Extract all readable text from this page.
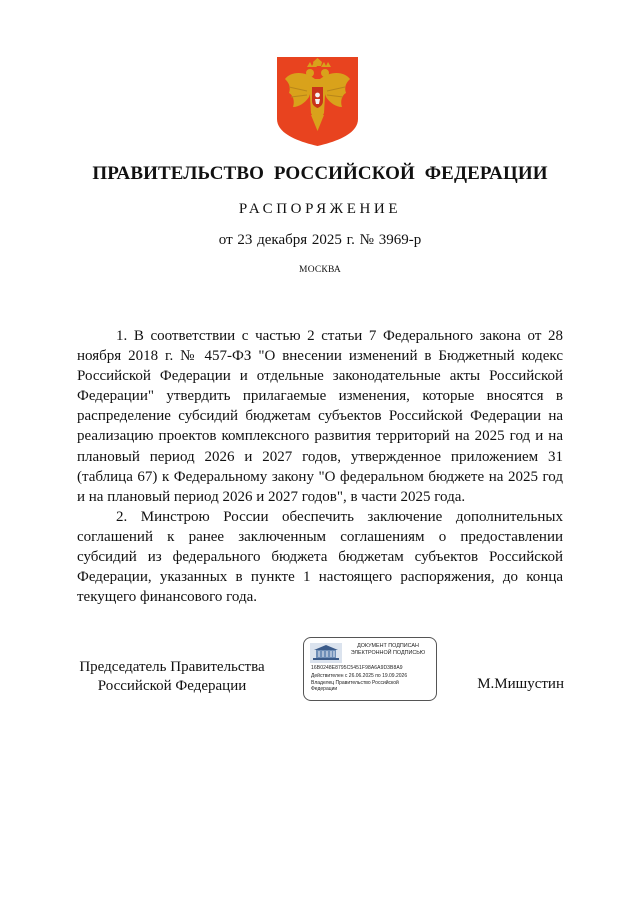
ПРАВИТЕЛЬСТВО РОССИЙСКОЙ ФЕДЕРАЦИИ
РАСПОРЯЖЕНИЕ
от 23 декабря 2025 г. № 3969-р
МОСКВА

1. В соответствии с частью 2 статьи 7 Федерального закона от 28 ноября 2018 г. № 457-ФЗ "О внесении изменений в Бюджетный кодекс Российской Федерации и отдельные законодательные акты Российской Федерации" утвердить прилагаемые изменения, которые вносятся в распределение субсидий бюджетам субъектов Российской Федерации на реализацию проектов комплексного развития территорий на 2025 год и на плановый период 2026 и 2027 годов, утвержденное приложением 31 (таблица 67) к Федеральному закону "О федеральном бюджете на 2025 год и на плановый период 2026 и 2027 годов", в части 2025 года.

2. Минстрою России обеспечить заключение дополнительных соглашений к ранее заключенным соглашениям о предоставлении субсидий из федерального бюджета бюджетам субъектов Российской Федерации, указанных в пункте 1 настоящего распоряжения, до конца текущего финансового года.

Председатель Правительства
Российской Федерации
ДОКУМЕНТ ПОДПИСАН
ЭЛЕКТРОННОЙ ПОДПИСЬЮ
16B0248E8795C5451F98A6A9D3B8A9
Действителен с 26.06.2025 по 19.09.2026
Владелец Правительство Российской
Федерации	М.Мишустин
